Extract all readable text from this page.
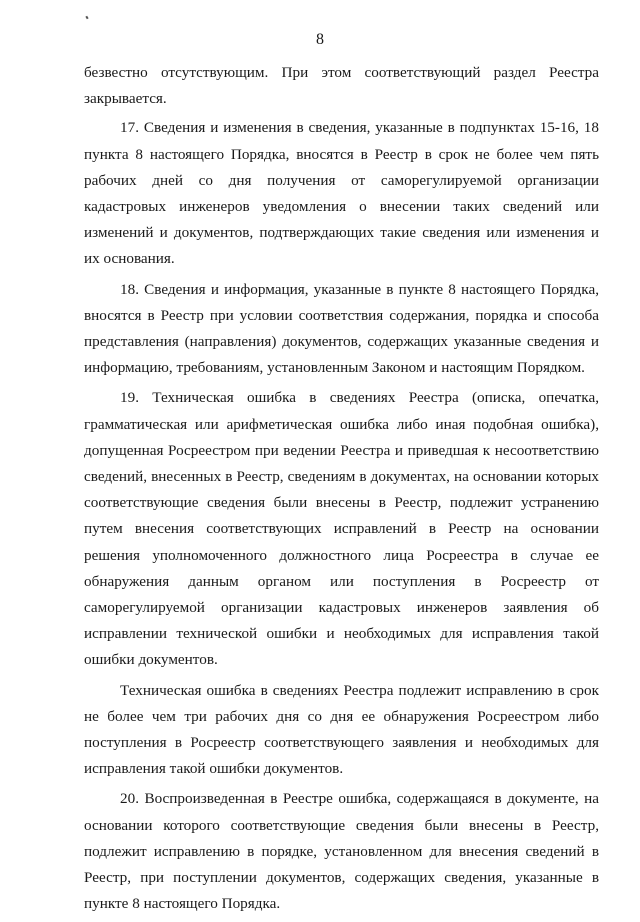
8

безвестно отсутствующим. При этом соответствующий раздел Реестра закрывается.

17. Сведения и изменения в сведения, указанные в подпунктах 15-16, 18 пункта 8 настоящего Порядка, вносятся в Реестр в срок не более чем пять рабочих дней со дня получения от саморегулируемой организации кадастровых инженеров уведомления о внесении таких сведений или изменений и документов, подтверждающих такие сведения или изменения и их основания.

18. Сведения и информация, указанные в пункте 8 настоящего Порядка, вносятся в Реестр при условии соответствия содержания, порядка и способа представления (направления) документов, содержащих указанные сведения и информацию, требованиям, установленным Законом и настоящим Порядком.

19. Техническая ошибка в сведениях Реестра (описка, опечатка, грамматическая или арифметическая ошибка либо иная подобная ошибка), допущенная Росреестром при ведении Реестра и приведшая к несоответствию сведений, внесенных в Реестр, сведениям в документах, на основании которых соответствующие сведения были внесены в Реестр, подлежит устранению путем внесения соответствующих исправлений в Реестр на основании решения уполномоченного должностного лица Росреестра в случае ее обнаружения данным органом или поступления в Росреестр от саморегулируемой организации кадастровых инженеров заявления об исправлении технической ошибки и необходимых для исправления такой ошибки документов.

Техническая ошибка в сведениях Реестра подлежит исправлению в срок не более чем три рабочих дня со дня ее обнаружения Росреестром либо поступления в Росреестр соответствующего заявления и необходимых для исправления такой ошибки документов.

20. Воспроизведенная в Реестре ошибка, содержащаяся в документе, на основании которого соответствующие сведения были внесены в Реестр, подлежит исправлению в порядке, установленном для внесения сведений в Реестр, при поступлении документов, содержащих сведения, указанные в пункте 8 настоящего Порядка.
